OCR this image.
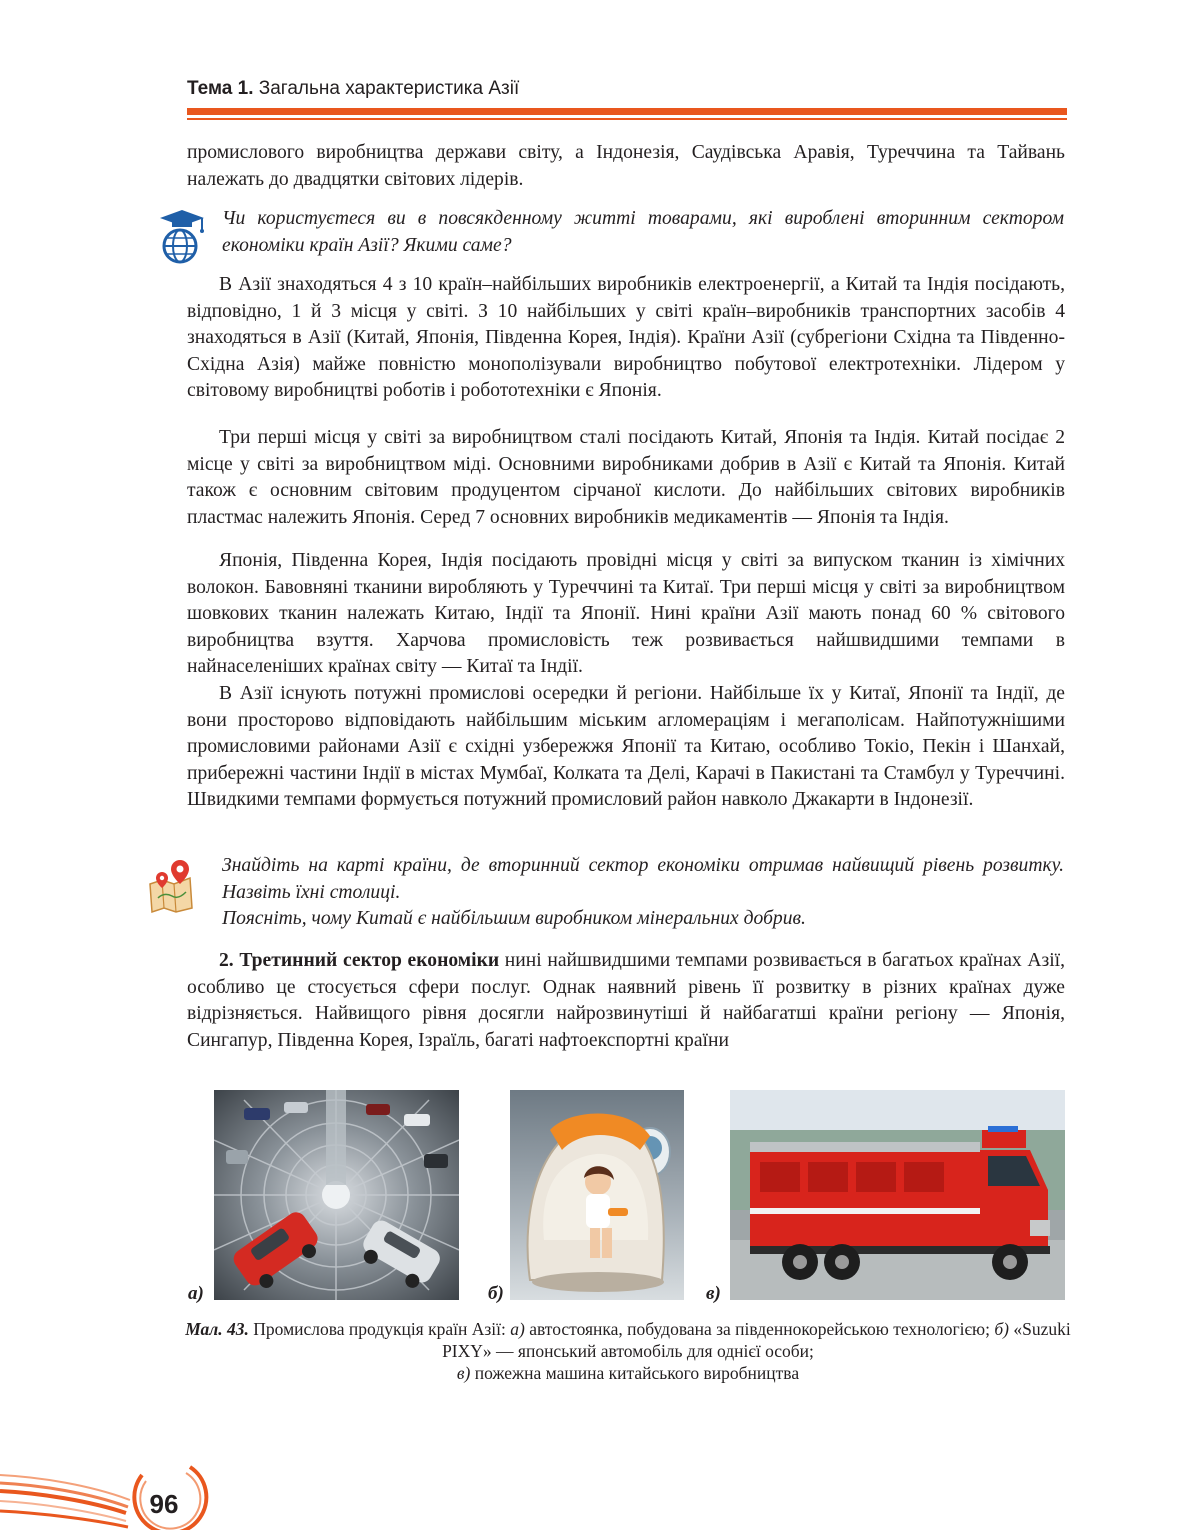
Тема 1. Загальна характеристика Азії

промислового виробництва держави світу, а Індонезія, Саудівська Аравія, Туреччина та Тайвань належать до двадцятки світових лідерів.

Чи користуєтеся ви в повсякденному житті товарами, які вироблені вторинним сектором економіки країн Азії? Якими саме?

В Азії знаходяться 4 з 10 країн–найбільших виробників електроенергії, а Китай та Індія посідають, відповідно, 1 й 3 місця у світі. З 10 найбільших у світі країн–виробників транспортних засобів 4 знаходяться в Азії (Китай, Японія, Південна Корея, Індія). Країни Азії (субрегіони Східна та Південно-Східна Азія) майже повністю монополізували виробництво побутової електротехніки. Лідером у світовому виробництві роботів і робототехніки є Японія.

Три перші місця у світі за виробництвом сталі посідають Китай, Японія та Індія. Китай посідає 2 місце у світі за виробництвом міді. Основними виробниками добрив в Азії є Китай та Японія. Китай також є основним світовим продуцентом сірчаної кислоти. До найбільших світових виробників пластмас належить Японія. Серед 7 основних виробників медикаментів — Японія та Індія.

Японія, Південна Корея, Індія посідають провідні місця у світі за випуском тканин із хімічних волокон. Бавовняні тканини виробляють у Туреччині та Китаї. Три перші місця у світі за виробництвом шовкових тканин належать Китаю, Індії та Японії. Нині країни Азії мають понад 60 % світового виробництва взуття. Харчова промисловість теж розвивається найшвидшими темпами в найнаселеніших країнах світу — Китаї та Індії.

В Азії існують потужні промислові осередки й регіони. Найбільше їх у Китаї, Японії та Індії, де вони просторово відповідають найбільшим міським агломераціям і мегаполісам. Найпотужнішими промисловими районами Азії є східні узбережжя Японії та Китаю, особливо Токіо, Пекін і Шанхай, прибережні частини Індії в містах Мумбаї, Колката та Делі, Карачі в Пакистані та Стамбул у Туреччині. Швидкими темпами формується потужний промисловий район навколо Джакарти в Індонезії.

Знайдіть на карті країни, де вторинний сектор економіки отримав найвищий рівень розвитку. Назвіть їхні столиці.

Поясніть, чому Китай є найбільшим виробником мінеральних добрив.

2. Третинний сектор економіки нині найшвидшими темпами розвивається в багатьох країнах Азії, особливо це стосується сфери послуг. Однак наявний рівень її розвитку в різних країнах дуже відрізняється. Найвищого рівня досягли найрозвинутіші й найбагатші країни регіону — Японія, Сингапур, Південна Корея, Ізраїль, багаті нафтоекспортні країни

а)	б)	в)
Мал. 43. Промислова продукція країн Азії: а) автостоянка, побудована за південнокорейською технологією; б) «Suzuki PIXY» — японський автомобіль для однієї особи;
в) пожежна машина китайського виробництва
96
